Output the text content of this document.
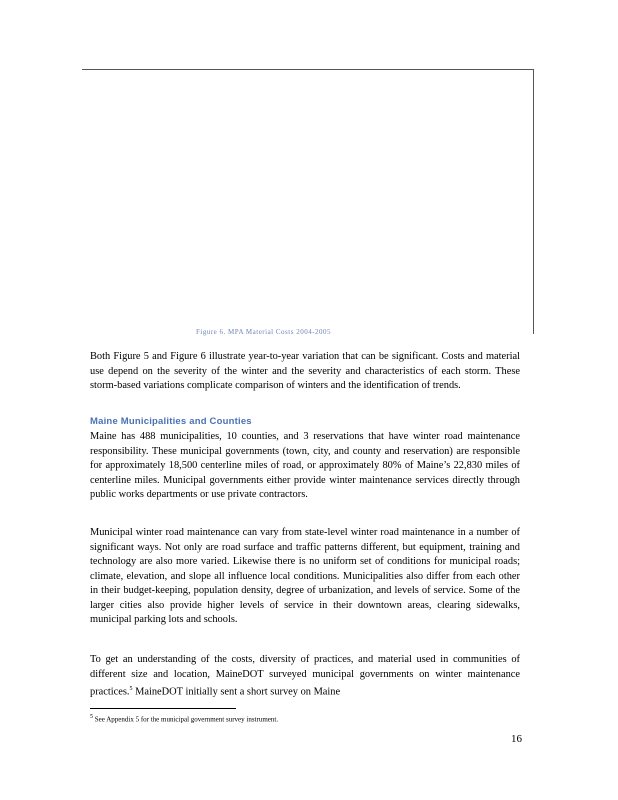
Figure 6. MPA Material Costs 2004-2005

Both Figure 5 and Figure 6 illustrate year-to-year variation that can be significant. Costs and material use depend on the severity of the winter and the severity and characteristics of each storm. These storm-based variations complicate comparison of winters and the identification of trends.

Maine Municipalities and Counties

Maine has 488 municipalities, 10 counties, and 3 reservations that have winter road maintenance responsibility. These municipal governments (town, city, and county and reservation) are responsible for approximately 18,500 centerline miles of road, or approximately 80% of Maine’s 22,830 miles of centerline miles. Municipal governments either provide winter maintenance services directly through public works departments or use private contractors.

Municipal winter road maintenance can vary from state-level winter road maintenance in a number of significant ways. Not only are road surface and traffic patterns different, but equipment, training and technology are also more varied. Likewise there is no uniform set of conditions for municipal roads; climate, elevation, and slope all influence local conditions. Municipalities also differ from each other in their budget-keeping, population density, degree of urbanization, and levels of service. Some of the larger cities also provide higher levels of service in their downtown areas, clearing sidewalks, municipal parking lots and schools.

To get an understanding of the costs, diversity of practices, and material used in communities of different size and location, MaineDOT surveyed municipal governments on winter maintenance practices.$^5$ MaineDOT initially sent a short survey on Maine

$^5$ See Appendix 5 for the municipal government survey instrument.
16
